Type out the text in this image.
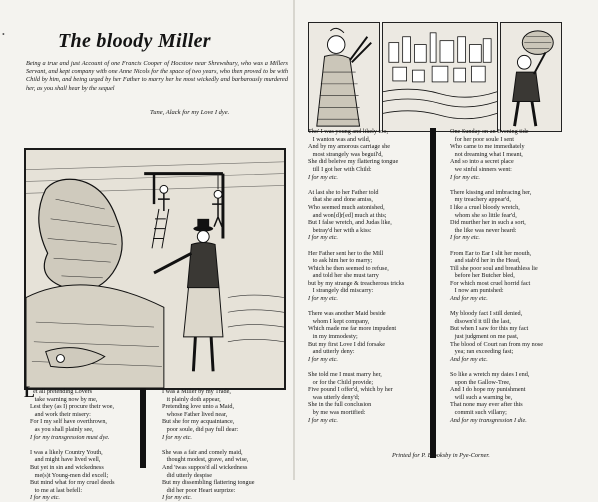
•	The bloody Miller
Being a true and just Account of one Francis Cooper of Hocstow near Shrewsbury, who was a Millers Servant, and kept company with one Anne Nicols for the space of two years, who then proved to be with Child by him, and being urged by her Father to marry her he most wickedly and barbarously murdered her, as you shall hear by the sequel
Tune, Alack for my Love I dye.
L
et all pretending Lovers
take warning now by me,
Lest they (as I) procure their woe,
and work their misery:
For I my self have overthrown,
as you shall plainly see,
I for my transgression must dye.

I was a likely Country Youth,
and might have lived well,
But yet in sin and wickedness
me(s)t Young-men did excell;
But mind what for my cruel deeds
to me at last befell:
I for my etc.
I was a Miller by my Trade,
it plainly doth appear,
Pretending love unto a Maid,
whose Father lived near,
But she for my acquaintance,
poor soule, did pay full dear:
I for my etc.

She was a fair and comely maid,
thought modest, grave, and wise,
And 'twas suppos'd all wickedness
did utterly despise
But my dissembling flattering tongue
did her poor Heart surprize:
I for my etc.
Tho' I was young and likely too,
I wanton was and wild,
And by my amorous carriage she
most strangely was beguil'd,
She did beleive my flattering tongue
till I got her with Child:
I for my etc.

At last she to her Father told
that she and done amiss,
Who seemed much astonished,
and won[d]r[ed] much at this;
But I false wretch, and Judas like,
betray'd her with a kiss:
I for my etc.

Her Father sent her to the Mill
to ask him her to marry;
Which he then seemed to refuse,
and told her she must tarry
but by my strange & treacherous tricks
I strangely did miscarry:
I for my etc.

There was another Maid beside
whom I kept company,
Which made me far more impudent
in my immodesty;
But my first Love I did forsake
and utterly deny:
I for my etc.

She told me I must marry her,
or for the Child provide;
Five pound I offer'd, which by her
was utterly deny'd;
She in the full conclusion
by me was mortified:
I for my etc.
One Sunday on an Evening tide
for her poor soule I sent
Who came to me immediately
not dreaming what I meant,
And so into a secret place
we sinful sinners went:
I for my etc.

There kissing and imbracing her,
my treachery appear'd,
I like a cruel bloody wretch,
whom she so little fear'd,
Did murther her in such a sort,
the like was never heard:
I for my etc.

From Ear to Ear I slit her mouth,
and stab'd her in the Head,
Till she poor soul and breathless lie
before her Butcher bled,
For which most cruel horrid fact
I now am punished:
And for my etc.

My bloody fact I still denied,
disown'd it till the last,
But when I saw for this my fact
just judgment on me past,
The blood of Court ran from my nose
yea; ran exceeding fast;
And for my etc.

So like a wretch my daies I end,
upon the Gallow-Tree,
And I do hope my punishment
will such a warning be,
That none may ever after this
commit such villany;
And for my transgression I die.
Printed for P. Brooksby in Pye-Corner.
